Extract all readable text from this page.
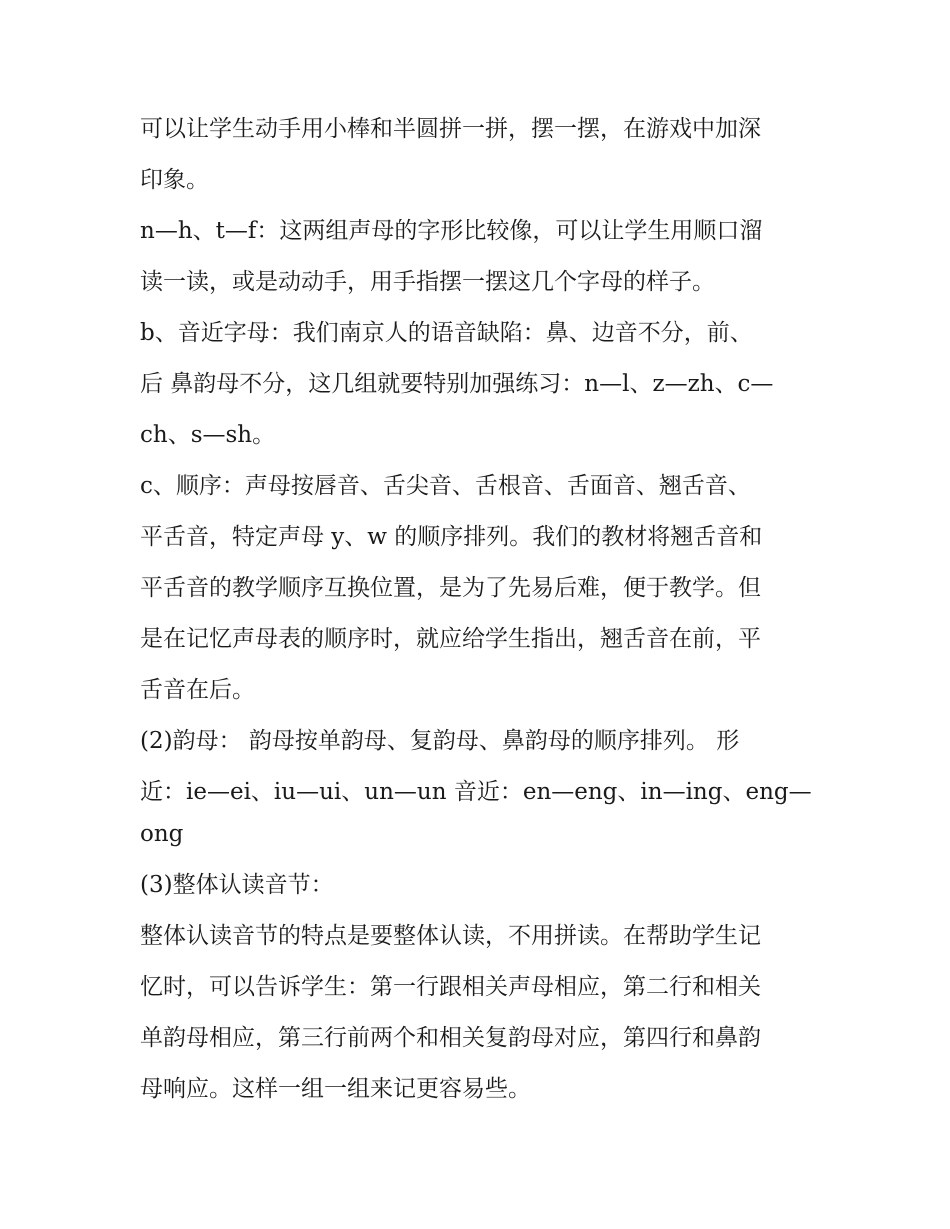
可以让学生动手用小棒和半圆拼一拼，摆一摆，在游戏中加深
印象。
n—h、t—f：这两组声母的字形比较像，可以让学生用顺口溜
读一读，或是动动手，用手指摆一摆这几个字母的样子。
b、音近字母：我们南京人的语音缺陷：鼻、边音不分，前、
后 鼻韵母不分，这几组就要特别加强练习：n—l、z—zh、c—
ch、s—sh。
c、顺序：声母按唇音、舌尖音、舌根音、舌面音、翘舌音、
平舌音，特定声母 y、w 的顺序排列。我们的教材将翘舌音和
平舌音的教学顺序互换位置，是为了先易后难，便于教学。但
是在记忆声母表的顺序时，就应给学生指出，翘舌音在前，平
舌音在后。
(2)韵母： 韵母按单韵母、复韵母、鼻韵母的顺序排列。 形
近：ie—ei、iu—ui、un—un 音近：en—eng、in—ing、eng—
ong
(3)整体认读音节：
整体认读音节的特点是要整体认读，不用拼读。在帮助学生记
忆时，可以告诉学生：第一行跟相关声母相应，第二行和相关
单韵母相应，第三行前两个和相关复韵母对应，第四行和鼻韵
母响应。这样一组一组来记更容易些。
